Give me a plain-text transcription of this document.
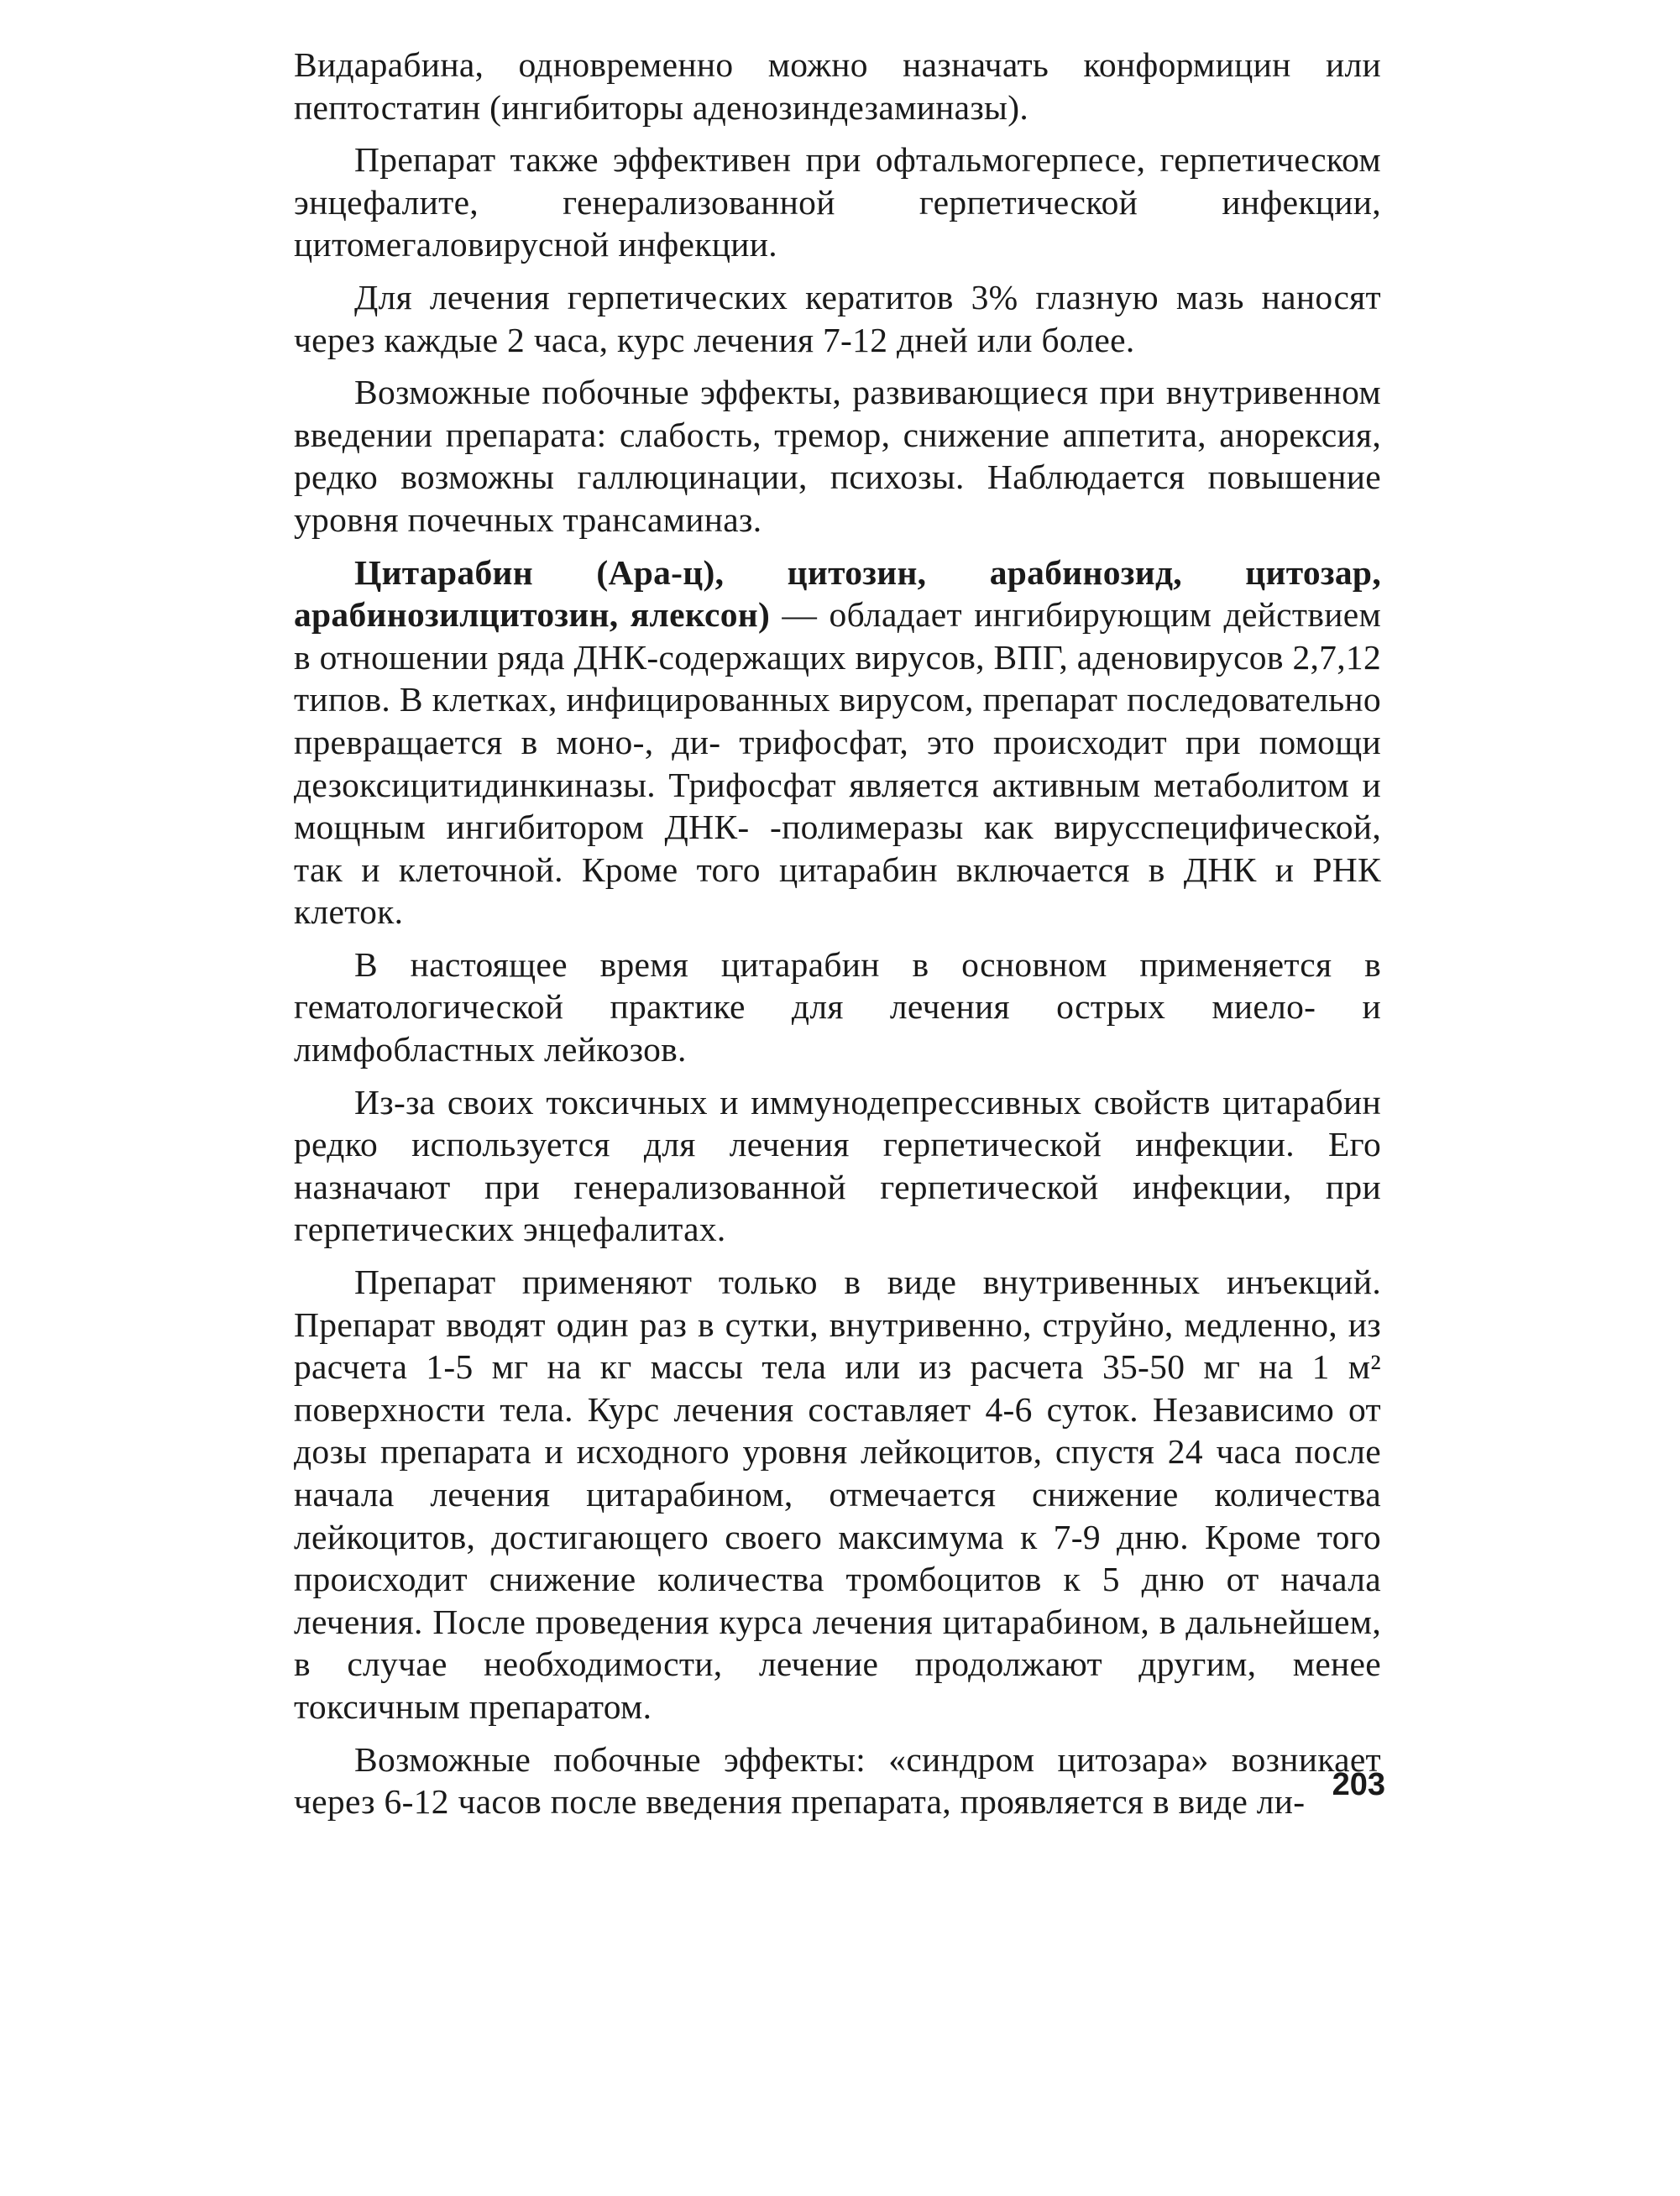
Видарабина, одновременно можно назначать конформицин или пептостатин (ингибиторы аденозиндезаминазы).

Препарат также эффективен при офтальмогерпесе, герпетическом энцефалите, генерализованной герпетической инфекции, цитомегаловирусной инфекции.

Для лечения герпетических кератитов 3% глазную мазь наносят через каждые 2 часа, курс лечения 7-12 дней или более.

Возможные побочные эффекты, развивающиеся при внутривенном введении препарата: слабость, тремор, снижение аппетита, анорексия, редко возможны галлюцинации, психозы. Наблюдается повышение уровня почечных трансаминаз.

Цитарабин (Ара-ц), цитозин, арабинозид, цитозар, арабинозилцитозин, ялексон) — обладает ингибирующим действием в отношении ряда ДНК-содержащих вирусов, ВПГ, аденовирусов 2,7,12 типов. В клетках, инфицированных вирусом, препарат последовательно превращается в моно-, ди- трифосфат, это происходит при помощи дезоксицитидинкиназы. Трифосфат является активным метаболитом и мощным ингибитором ДНК- -полимеразы как вирусспецифической, так и клеточной. Кроме того цитарабин включается в ДНК и РНК клеток.

В настоящее время цитарабин в основном применяется в гематологической практике для лечения острых миело- и лимфобластных лейкозов.

Из-за своих токсичных и иммунодепрессивных свойств цитарабин редко используется для лечения герпетической инфекции. Его назначают при генерализованной герпетической инфекции, при герпетических энцефалитах.

Препарат применяют только в виде внутривенных инъекций. Препарат вводят один раз в сутки, внутривенно, струйно, медленно, из расчета 1-5 мг на кг массы тела или из расчета 35-50 мг на 1 м² поверхности тела. Курс лечения составляет 4-6 суток. Независимо от дозы препарата и исходного уровня лейкоцитов, спустя 24 часа после начала лечения цитарабином, отмечается снижение количества лейкоцитов, достигающего своего максимума к 7-9 дню. Кроме того происходит снижение количества тромбоцитов к 5 дню от начала лечения. После проведения курса лечения цитарабином, в дальнейшем, в случае необходимости, лечение продолжают другим, менее токсичным препаратом.

Возможные побочные эффекты: «синдром цитозара» возникает через 6-12 часов после введения препарата, проявляется в виде ли- 203
